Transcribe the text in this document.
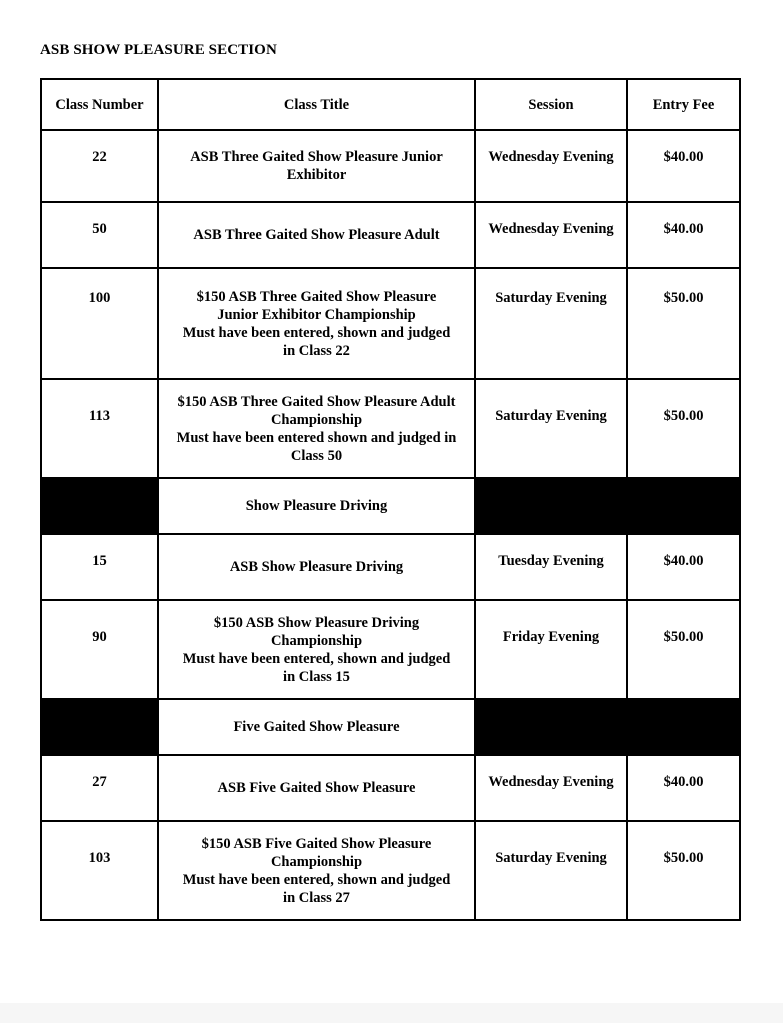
ASB SHOW PLEASURE SECTION
Class Number	Class Title	Session	Entry Fee
22	ASB Three Gaited Show Pleasure Junior
Exhibitor	Wednesday Evening	$40.00
50	ASB Three Gaited Show Pleasure Adult	Wednesday Evening	$40.00
100	$150 ASB Three Gaited Show Pleasure
Junior Exhibitor Championship
Must have been entered, shown and judged
in Class 22	Saturday Evening	$50.00
113	$150 ASB Three Gaited Show Pleasure Adult
Championship
Must have been entered shown and judged in
Class 50	Saturday Evening	$50.00
	Show Pleasure Driving		
15	ASB Show Pleasure Driving	Tuesday Evening	$40.00
90	$150 ASB Show Pleasure Driving
Championship
Must have been entered, shown and judged
in Class 15	Friday Evening	$50.00
	Five Gaited Show Pleasure		
27	ASB Five Gaited Show Pleasure	Wednesday Evening	$40.00
103	$150 ASB Five Gaited Show Pleasure
Championship
Must have been entered, shown and judged
in Class 27	Saturday Evening	$50.00
